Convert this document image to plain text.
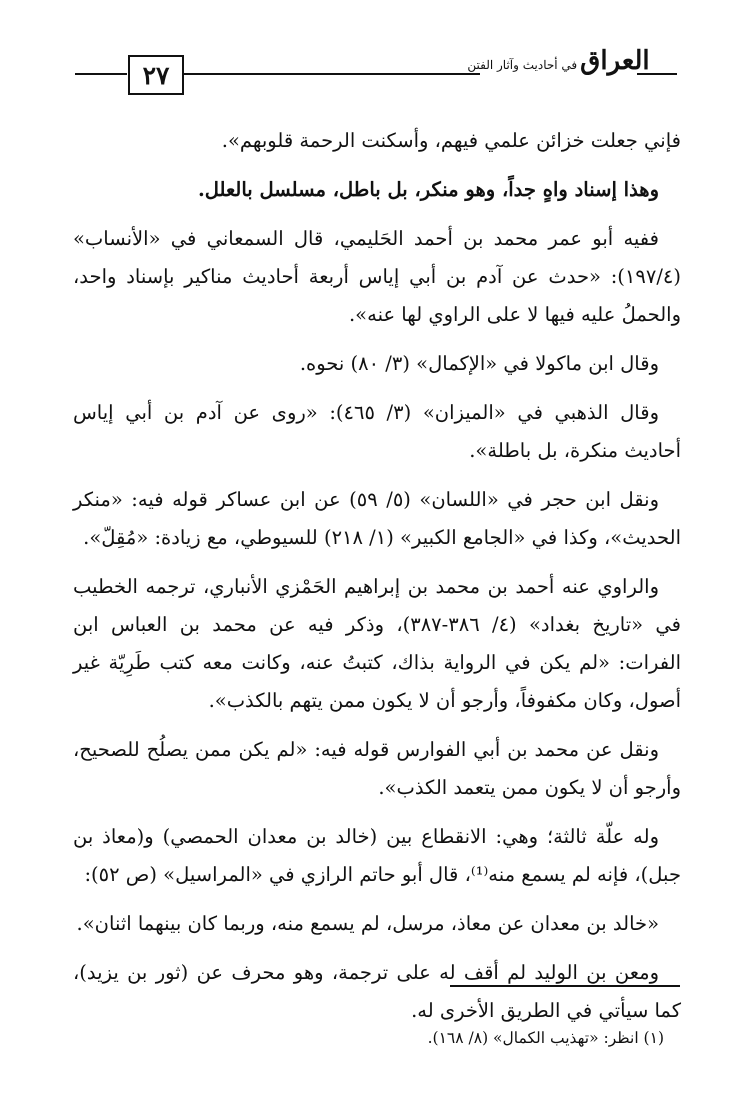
٢٧	العراق
في أحاديث وآثار الفتن

فإني جعلت خزائن علمي فيهم، وأسكنت الرحمة قلوبهم».

وهذا إسناد واهٍ جداً، وهو منكر، بل باطل، مسلسل بالعلل.

ففيه أبو عمر محمد بن أحمد الحَليمي، قال السمعاني في «الأنساب» (١٩٧/٤): «حدث عن آدم بن أبي إياس أربعة أحاديث مناكير بإسناد واحد، والحملُ عليه فيها لا على الراوي لها عنه».

وقال ابن ماكولا في «الإكمال» (٣/ ٨٠) نحوه.

وقال الذهبي في «الميزان» (٣/ ٤٦٥): «روى عن آدم بن أبي إياس أحاديث منكرة، بل باطلة».

ونقل ابن حجر في «اللسان» (٥/ ٥٩) عن ابن عساكر قوله فيه: «منكر الحديث»، وكذا في «الجامع الكبير» (١/ ٢١٨) للسيوطي، مع زيادة: «مُقِلّ».

والراوي عنه أحمد بن محمد بن إبراهيم الحَمْزي الأنباري، ترجمه الخطيب في «تاريخ بغداد» (٤/ ٣٨٦-٣٨٧)، وذكر فيه عن محمد بن العباس ابن الفرات: «لم يكن في الرواية بذاك، كتبتُ عنه، وكانت معه كتب طَرِيّة غير أصول، وكان مكفوفاً، وأرجو أن لا يكون ممن يتهم بالكذب».

ونقل عن محمد بن أبي الفوارس قوله فيه: «لم يكن ممن يصلُح للصحيح، وأرجو أن لا يكون ممن يتعمد الكذب».

وله علّة ثالثة؛ وهي: الانقطاع بين (خالد بن معدان الحمصي) و(معاذ بن جبل)، فإنه لم يسمع منه⁽¹⁾، قال أبو حاتم الرازي في «المراسيل» (ص ٥٢):

«خالد بن معدان عن معاذ، مرسل، لم يسمع منه، وربما كان بينهما اثنان».

ومعن بن الوليد لم أقف له على ترجمة، وهو محرف عن (ثور بن يزيد)، كما سيأتي في الطريق الأخرى له.

(١) انظر: «تهذيب الكمال» (٨/ ١٦٨).
